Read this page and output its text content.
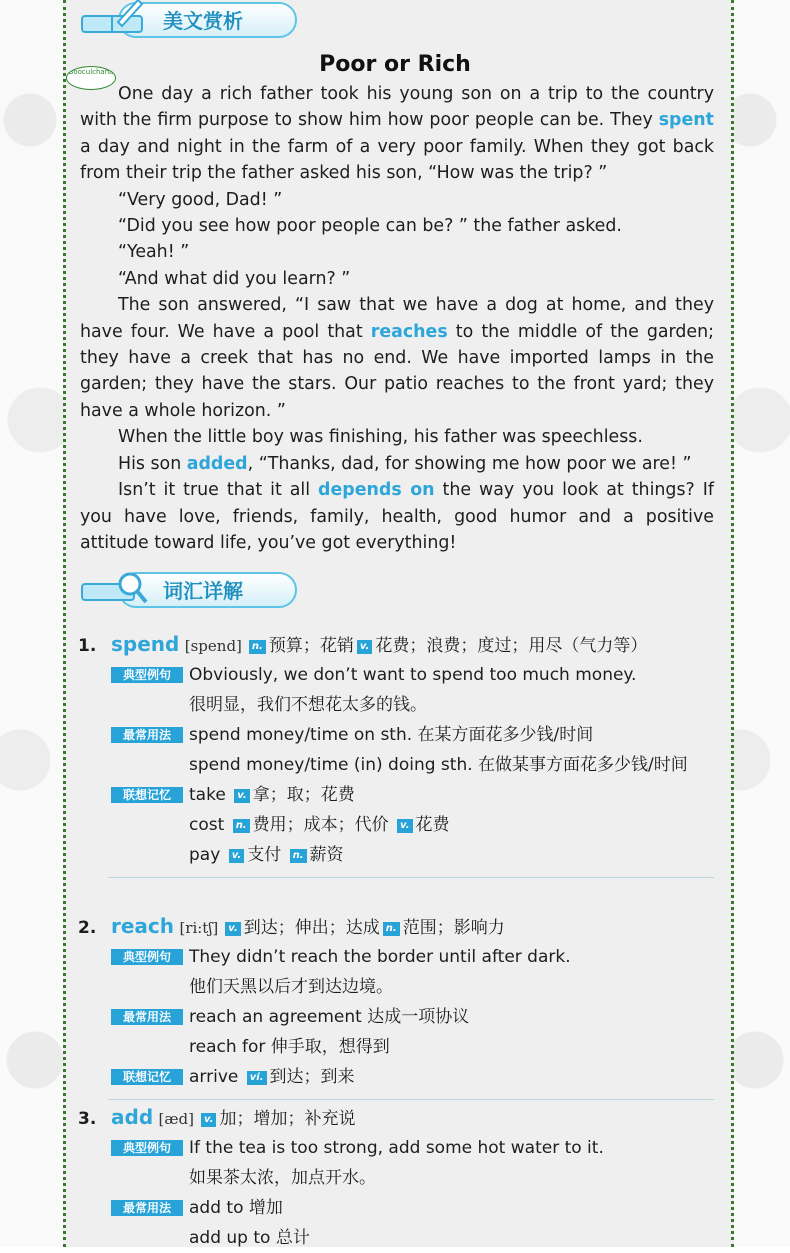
美文赏析
Poor or Rich
Booculchaha

One day a rich father took his young son on a trip to the country with the firm purpose to show him how poor people can be. They spent a day and night in the farm of a very poor family. When they got back from their trip the father asked his son, “How was the trip? ”

“Very good, Dad! ”

“Did you see how poor people can be? ” the father asked.

“Yeah! ”

“And what did you learn? ”

The son answered, “I saw that we have a dog at home, and they have four. We have a pool that reaches to the middle of the garden; they have a creek that has no end. We have imported lamps in the garden; they have the stars. Our patio reaches to the front yard; they have a whole horizon. ”

When the little boy was finishing, his father was speechless.

His son added, “Thanks, dad, for showing me how poor we are! ”

Isn’t it true that it all depends on the way you look at things? If you have love, friends, family, health, good humor and a positive attitude toward life, you’ve got everything!

词汇详解
1. spend [spend] n. 预算；花销 v. 花费；浪费；度过；用尽（气力等）
典型例句	Obviously, we don’t want to spend too much money.
很明显，我们不想花太多的钱。
最常用法	spend money/time on sth. 在某方面花多少钱/时间
spend money/time (in) doing sth. 在做某事方面花多少钱/时间
联想记忆	take v. 拿；取；花费
cost n. 费用；成本；代价 v. 花费
pay v. 支付 n. 薪资
2. reach [ri:tʃ] v. 到达；伸出；达成 n. 范围；影响力
典型例句	They didn’t reach the border until after dark.
他们天黑以后才到达边境。
最常用法	reach an agreement 达成一项协议
reach for 伸手取，想得到
联想记忆	arrive vi. 到达；到来
3. add [æd] v. 加；增加；补充说
典型例句	If the tea is too strong, add some hot water to it.
如果茶太浓，加点开水。
最常用法	add to 增加
add up to 总计
